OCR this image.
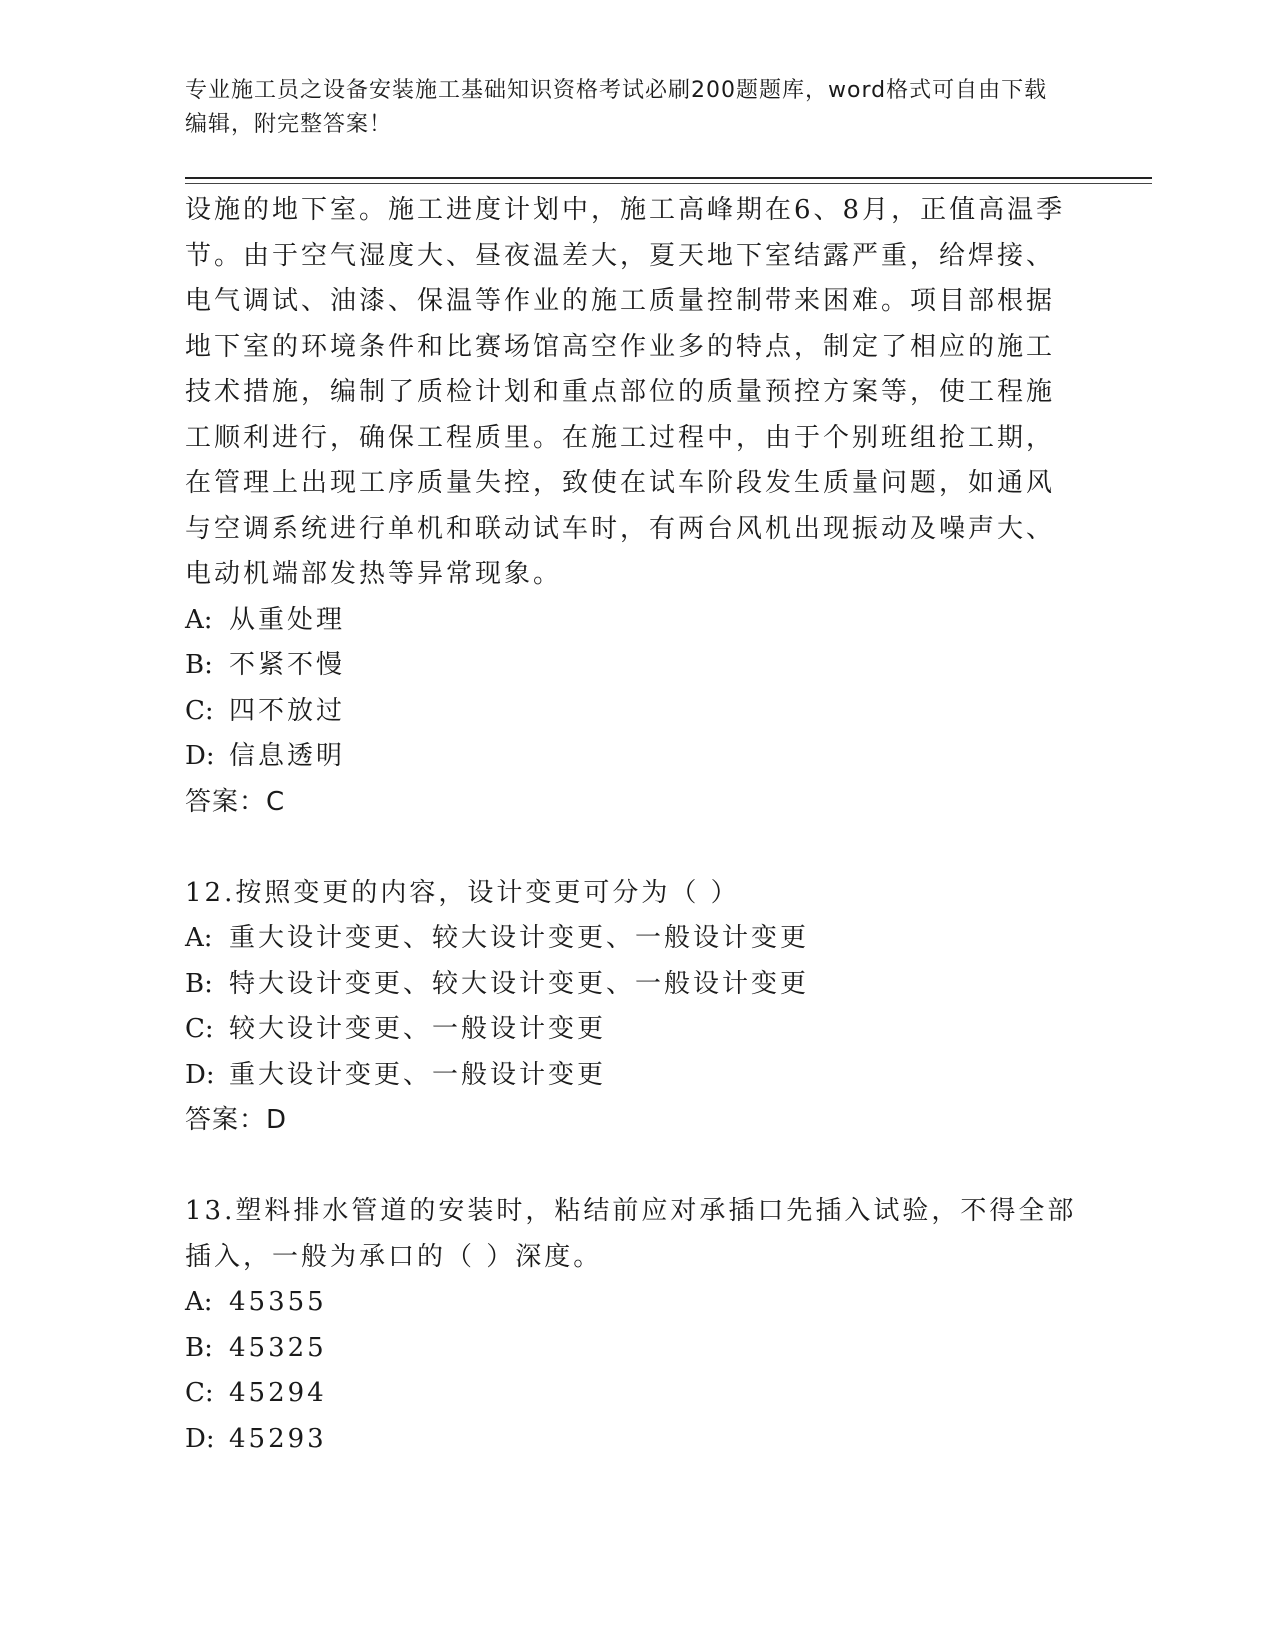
专业施工员之设备安装施工基础知识资格考试必刷200题题库，word格式可自由下载编辑，附完整答案！

设施的地下室。施工进度计划中，施工高峰期在6、8月，正值高温季

节。由于空气湿度大、昼夜温差大，夏天地下室结露严重，给焊接、

电气调试、油漆、保温等作业的施工质量控制带来困难。项目部根据

地下室的环境条件和比赛场馆高空作业多的特点，制定了相应的施工

技术措施，编制了质检计划和重点部位的质量预控方案等，使工程施

工顺利进行，确保工程质里。在施工过程中，由于个别班组抢工期，

在管理上出现工序质量失控，致使在试车阶段发生质量问题，如通风

与空调系统进行单机和联动试车时，有两台风机出现振动及噪声大、

电动机端部发热等异常现象。

A: 从重处理

B: 不紧不慢

C: 四不放过

D: 信息透明

答案：C

12.按照变更的内容，设计变更可分为（ ）

A: 重大设计变更、较大设计变更、一般设计变更

B: 特大设计变更、较大设计变更、一般设计变更

C: 较大设计变更、一般设计变更

D: 重大设计变更、一般设计变更

答案：D

13.塑料排水管道的安装时，粘结前应对承插口先插入试验，不得全部

插入，一般为承口的（ ）深度。

A: 45355

B: 45325

C: 45294

D: 45293
